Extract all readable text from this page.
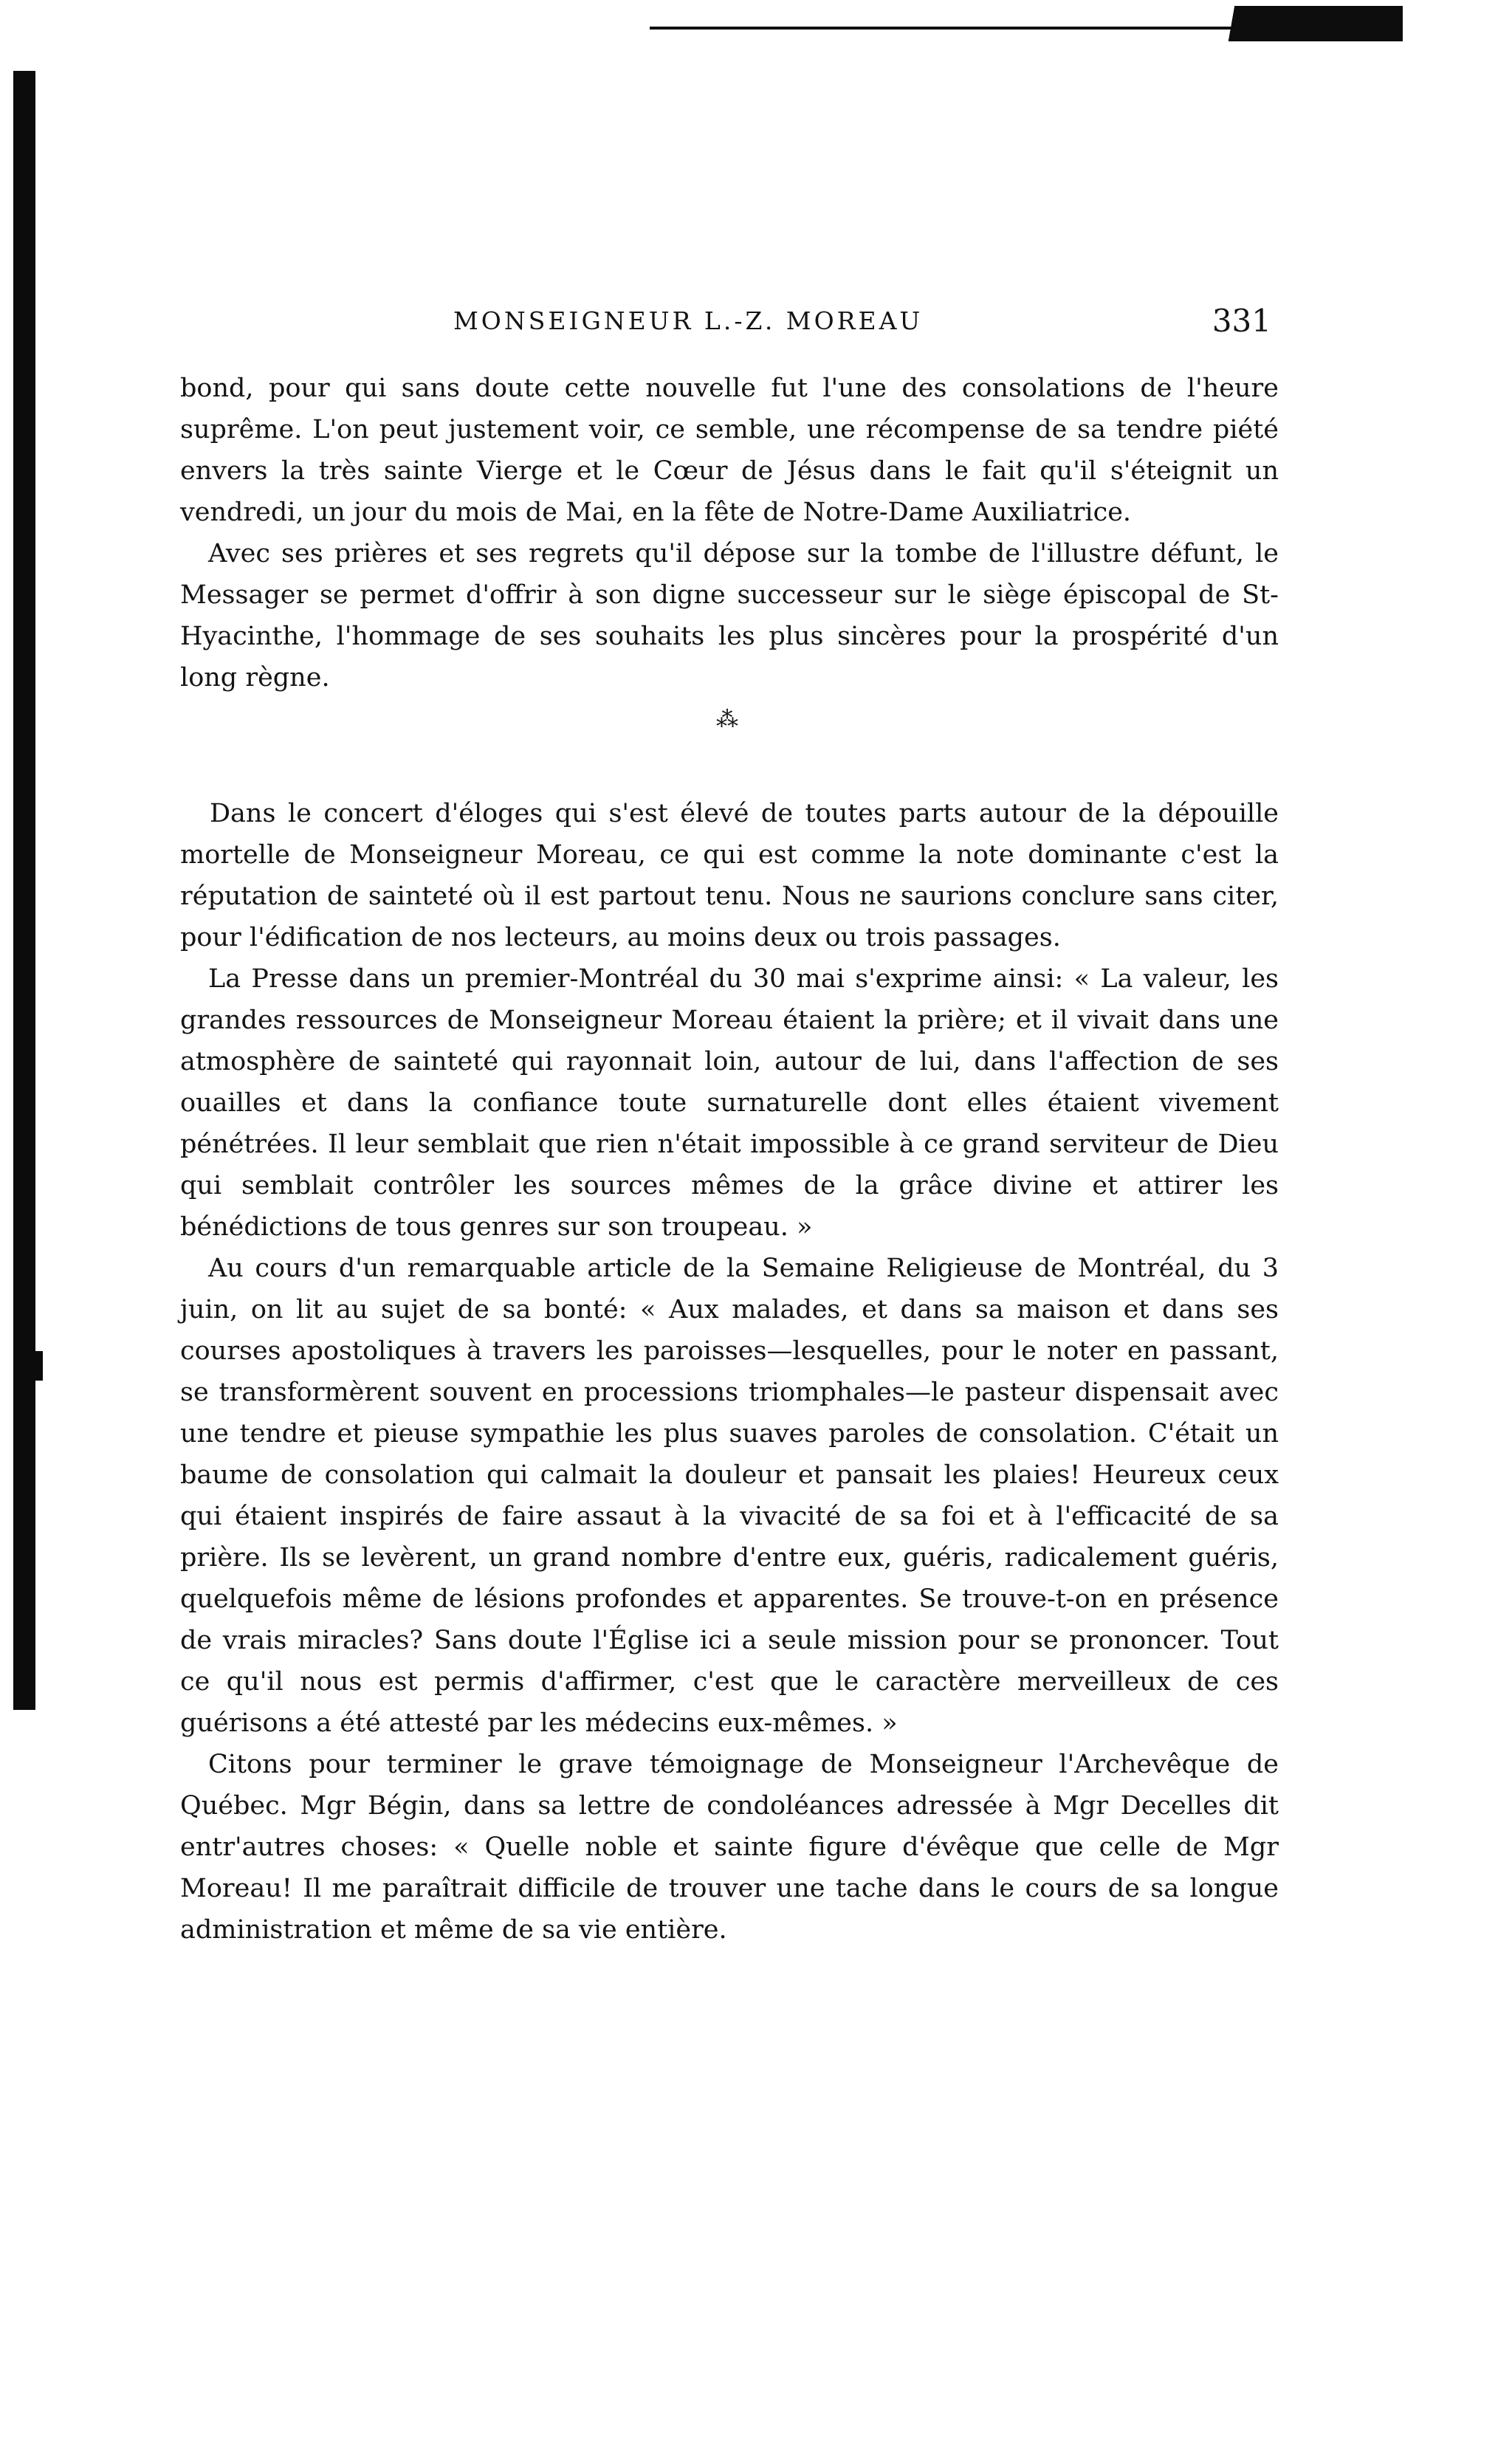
MONSEIGNEUR L.-Z. MOREAU	331

bond, pour qui sans doute cette nouvelle fut l'une des consolations de l'heure suprême. L'on peut justement voir, ce semble, une récompense de sa tendre piété envers la très sainte Vierge et le Cœur de Jésus dans le fait qu'il s'éteignit un vendredi, un jour du mois de Mai, en la fête de Notre-Dame Auxiliatrice.

Avec ses prières et ses regrets qu'il dépose sur la tombe de l'illustre défunt, le Messager se permet d'offrir à son digne successeur sur le siège épiscopal de St-Hyacinthe, l'hommage de ses souhaits les plus sincères pour la prospérité d'un long règne.

⁂

Dans le concert d'éloges qui s'est élevé de toutes parts autour de la dépouille mortelle de Monseigneur Moreau, ce qui est comme la note dominante c'est la réputation de sainteté où il est partout tenu. Nous ne saurions conclure sans citer, pour l'édification de nos lecteurs, au moins deux ou trois passages.

La Presse dans un premier-Montréal du 30 mai s'exprime ainsi: « La valeur, les grandes ressources de Monseigneur Moreau étaient la prière; et il vivait dans une atmosphère de sainteté qui rayonnait loin, autour de lui, dans l'affection de ses ouailles et dans la confiance toute surnaturelle dont elles étaient vivement pénétrées. Il leur semblait que rien n'était impossible à ce grand serviteur de Dieu qui semblait contrôler les sources mêmes de la grâce divine et attirer les bénédictions de tous genres sur son troupeau. »

Au cours d'un remarquable article de la Semaine Religieuse de Montréal, du 3 juin, on lit au sujet de sa bonté: « Aux malades, et dans sa maison et dans ses courses apostoliques à travers les paroisses—lesquelles, pour le noter en passant, se transformèrent souvent en processions triomphales—le pasteur dispensait avec une tendre et pieuse sympathie les plus suaves paroles de consolation. C'était un baume de consolation qui calmait la douleur et pansait les plaies! Heureux ceux qui étaient inspirés de faire assaut à la vivacité de sa foi et à l'efficacité de sa prière. Ils se levèrent, un grand nombre d'entre eux, guéris, radicalement guéris, quelquefois même de lésions profondes et apparentes. Se trouve-t-on en présence de vrais miracles? Sans doute l'Église ici a seule mission pour se prononcer. Tout ce qu'il nous est permis d'affirmer, c'est que le caractère merveilleux de ces guérisons a été attesté par les médecins eux-mêmes. »

Citons pour terminer le grave témoignage de Monseigneur l'Archevêque de Québec. Mgr Bégin, dans sa lettre de condoléances adressée à Mgr Decelles dit entr'autres choses: « Quelle noble et sainte figure d'évêque que celle de Mgr Moreau! Il me paraîtrait difficile de trouver une tache dans le cours de sa longue administration et même de sa vie entière.
